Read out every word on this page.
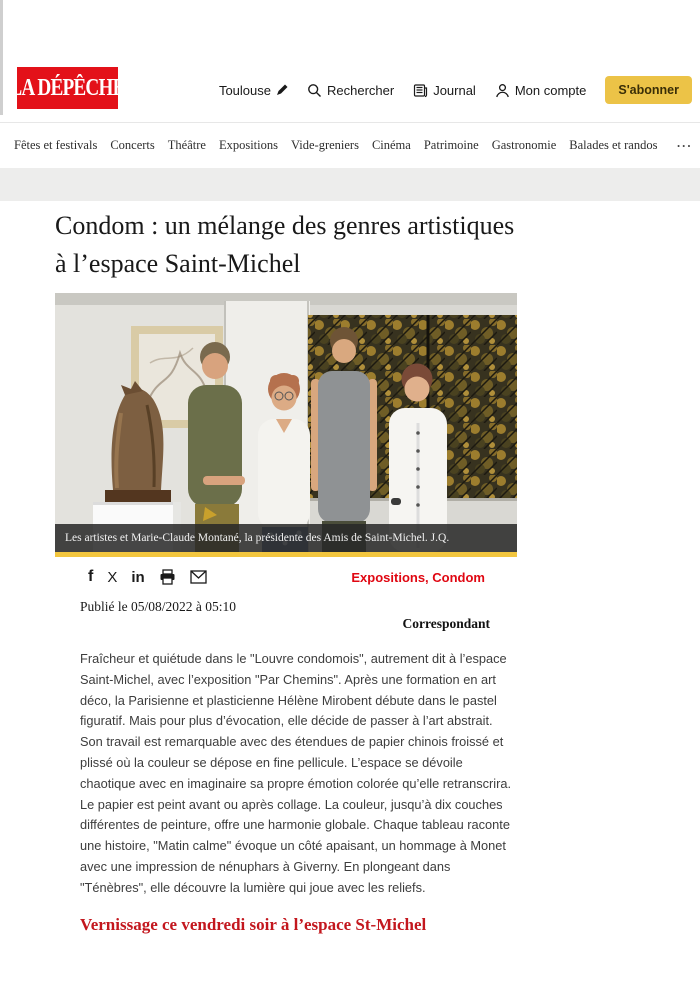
LA DÉPÊCHE	Toulouse	Rechercher	Journal	Mon compte	S'abonner
Fêtes et festivals Concerts Théâtre Expositions Vide-greniers Cinéma Patrimoine Gastronomie Balades et randos ···
Condom : un mélange des genres artistiques à l’espace Saint-Michel
Les artistes et Marie-Claude Montané, la présidente des Amis de Saint-Michel. J.Q.
f X in	Expositions, Condom
Publié le 05/08/2022 à 05:10
Correspondant

Fraîcheur et quiétude dans le "Louvre condomois", autrement dit à l’espace Saint-Michel, avec l’exposition "Par Chemins". Après une formation en art déco, la Parisienne et plasticienne Hélène Mirobent débute dans le pastel figuratif. Mais pour plus d’évocation, elle décide de passer à l’art abstrait. Son travail est remarquable avec des étendues de papier chinois froissé et plissé où la couleur se dépose en fine pellicule. L’espace se dévoile chaotique avec en imaginaire sa propre émotion colorée qu’elle retranscrira. Le papier est peint avant ou après collage. La couleur, jusqu’à dix couches différentes de peinture, offre une harmonie globale. Chaque tableau raconte une histoire, "Matin calme" évoque un côté apaisant, un hommage à Monet avec une impression de nénuphars à Giverny. En plongeant dans "Ténèbres", elle découvre la lumière qui joue avec les reliefs.

Vernissage ce vendredi soir à l’espace St-Michel
